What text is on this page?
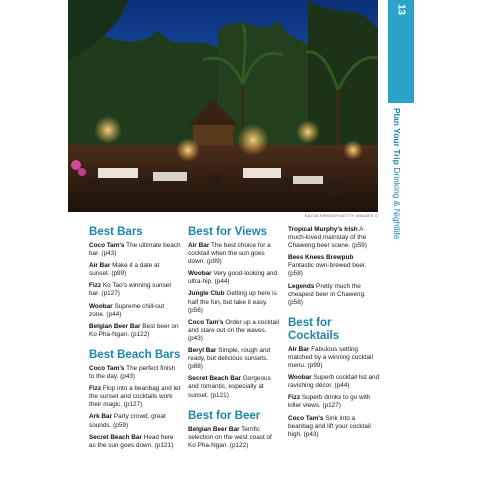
KATJA KREDER/GETTY IMAGES ©
13
Plan Your Trip Drinking & Nightlife
Best Bars

Coco Tam's The ultimate beach bar. (p43)

Air Bar Make it a date at sunset. (p99)

Fizz Ko Tao's winning sunset bar. (p127)

Woobar Supreme chill-out zone. (p44)

Belgian Beer Bar Best beer on Ko Pha-Ngan. (p122)

Best Beach Bars

Coco Tam's The perfect finish to the day. (p43)

Fizz Flop into a beanbag and let the sunset and cocktails work their magic. (p127)

Ark Bar Party crowd, great sounds. (p59)

Secret Beach Bar Head here as the sun goes down. (p121)

Best for Views

Air Bar The best choice for a cocktail when the sun goes down. (p99)

Woobar Very good-looking and ultra-hip. (p44)

Jungle Club Getting up here is half the fun, but take it easy. (p56)

Coco Tam's Order up a cocktail and stare out on the waves. (p43)

Beryl Bar Simple, rough and ready, but delicious sunsets. (p88)

Secret Beach Bar Gorgeous and romantic, especially at sunset. (p121)

Best for Beer

Belgian Beer Bar Terrific selection on the west coast of Ko Pha-Ngan. (p122)

Tropical Murphy's Irish A much-loved mainstay of the Chaweng beer scene. (p59)

Bees Knees Brewpub Fantastic own-brewed beer. (p58)

Legends Pretty much the cheapest beer in Chaweng. (p58)

Best for Cocktails

Air Bar Fabulous setting matched by a winning cocktail menu. (p99)

Woobar Superb cocktail list and ravishing décor. (p44)

Fizz Superb drinks to go with killer views. (p127)

Coco Tam's Sink into a beanbag and lift your cocktail high. (p43)
